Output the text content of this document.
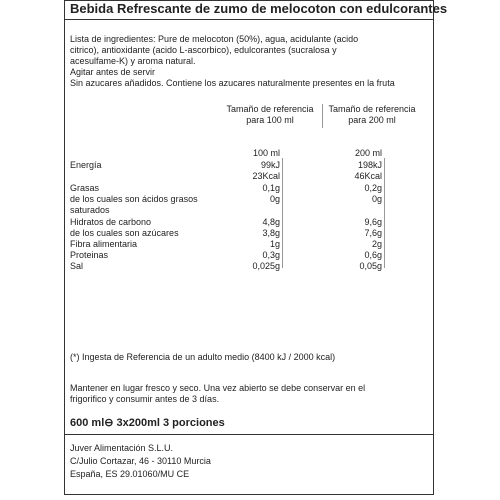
Bebida Refrescante de zumo de melocoton con edulcorantes
Lista de ingredientes: Pure de melocoton (50%), agua, acidulante (acido
citrico), antioxidante (acido L-ascorbico), edulcorantes (sucralosa y
acesulfame-K) y aroma natural.
Agitar antes de servir
Sin azucares añadidos. Contiene los azucares naturalmente presentes en la fruta
Tamaño de referencia
para 100 ml
Tamaño de referencia
para 200 ml
100 ml	200 ml
Energía	99kJ	198kJ
23Kcal	46Kcal
Grasas	0,1g	0,2g
de los cuales son ácidos grasos	0g	0g
saturados
Hidratos de carbono	4,8g	9,6g
de los cuales son azúcares	3,8g	7,6g
Fibra alimentaria	1g	2g
Proteinas	0,3g	0,6g
Sal	0,025g	0,05g
(*) Ingesta de Referencia de un adulto medio (8400 kJ / 2000 kcal)
Mantener en lugar fresco y seco. Una vez abierto se debe conservar en el
frigorifico y consumir antes de 3 días.
600 ml⊖ 3x200ml 3 porciones
Juver Alimentación S.L.U.
C/Julio Cortazar, 46 - 30110 Murcia
España, ES 29.01060/MU CE
